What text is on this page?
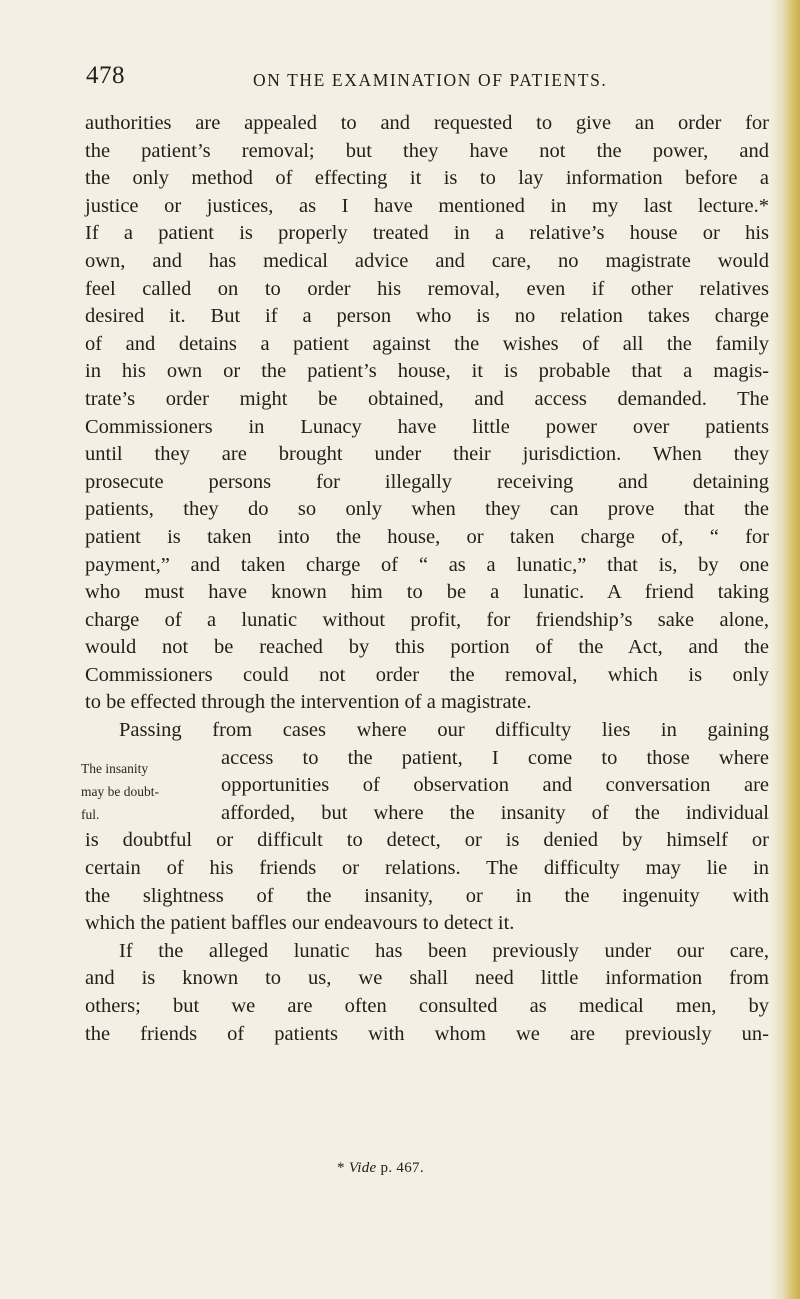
478	ON THE EXAMINATION OF PATIENTS.
authorities are appealed to and requested to give an order for
the patient’s removal; but they have not the power, and
the only method of effecting it is to lay information before a
justice or justices, as I have mentioned in my last lecture.*
If a patient is properly treated in a relative’s house or his
own, and has medical advice and care, no magistrate would
feel called on to order his removal, even if other relatives
desired it. But if a person who is no relation takes charge
of and detains a patient against the wishes of all the family
in his own or the patient’s house, it is probable that a magis-
trate’s order might be obtained, and access demanded. The
Commissioners in Lunacy have little power over patients
until they are brought under their jurisdiction. When they
prosecute persons for illegally receiving and detaining
patients, they do so only when they can prove that the
patient is taken into the house, or taken charge of, “ for
payment,” and taken charge of “ as a lunatic,” that is, by one
who must have known him to be a lunatic. A friend taking
charge of a lunatic without profit, for friendship’s sake alone,
would not be reached by this portion of the Act, and the
Commissioners could not order the removal, which is only
to be effected through the intervention of a magistrate.
Passing from cases where our difficulty lies in gaining
The insanity
may be doubt-
ful.
access to the patient, I come to those where
opportunities of observation and conversation are
afforded, but where the insanity of the individual
is doubtful or difficult to detect, or is denied by himself or
certain of his friends or relations. The difficulty may lie in
the slightness of the insanity, or in the ingenuity with
which the patient baffles our endeavours to detect it.
If the alleged lunatic has been previously under our care,
and is known to us, we shall need little information from
others; but we are often consulted as medical men, by
the friends of patients with whom we are previously un-
* Vide p. 467.
